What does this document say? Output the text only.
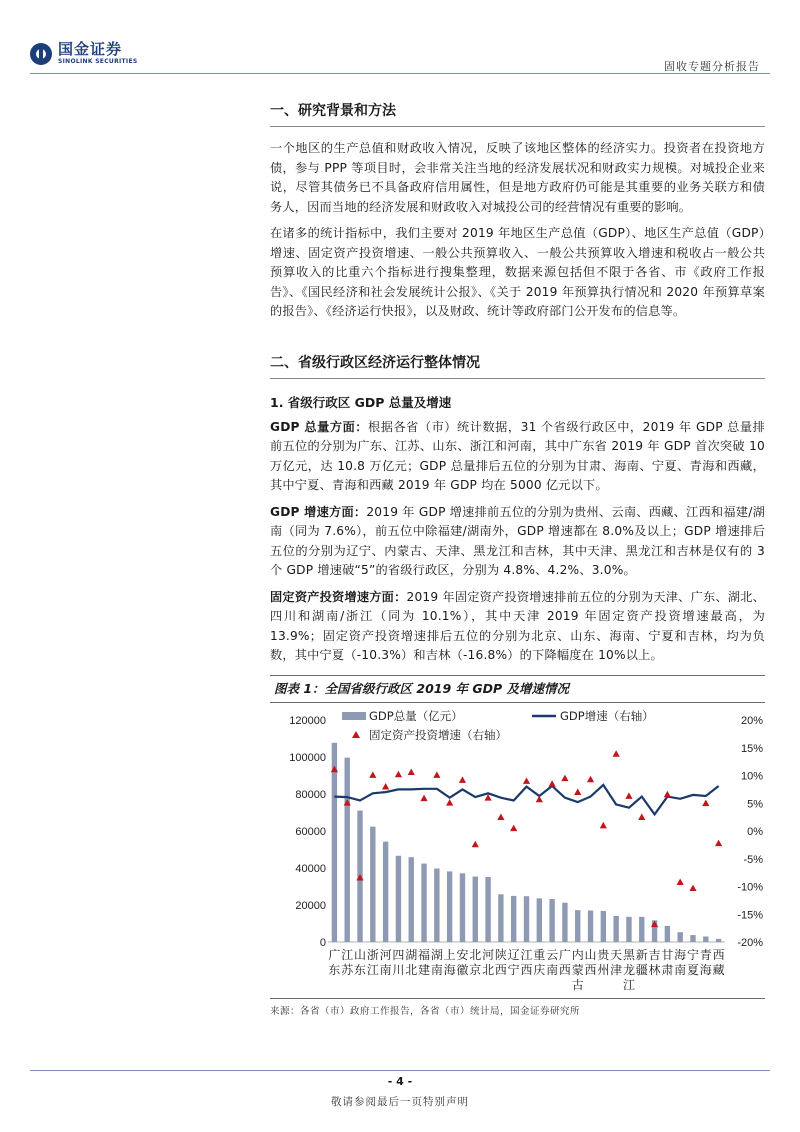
国金证券
SINOLINK SECURITIES	固收专题分析报告
一、研究背景和方法

一个地区的生产总值和财政收入情况，反映了该地区整体的经济实力。投资者在投资地方债，参与 PPP 等项目时，会非常关注当地的经济发展状况和财政实力规模。对城投企业来说，尽管其债务已不具备政府信用属性，但是地方政府仍可能是其重要的业务关联方和债务人，因而当地的经济发展和财政收入对城投公司的经营情况有重要的影响。

在诸多的统计指标中，我们主要对 2019 年地区生产总值（GDP）、地区生产总值（GDP）增速、固定资产投资增速、一般公共预算收入、一般公共预算收入增速和税收占一般公共预算收入的比重六个指标进行搜集整理，数据来源包括但不限于各省、市《政府工作报告》、《国民经济和社会发展统计公报》、《关于 2019 年预算执行情况和 2020 年预算草案的报告》、《经济运行快报》，以及财政、统计等政府部门公开发布的信息等。

二、省级行政区经济运行整体情况
1. 省级行政区 GDP 总量及增速

GDP 总量方面：根据各省（市）统计数据，31 个省级行政区中，2019 年 GDP 总量排前五位的分别为广东、江苏、山东、浙江和河南，其中广东省 2019 年 GDP 首次突破 10 万亿元，达 10.8 万亿元；GDP 总量排后五位的分别为甘肃、海南、宁夏、青海和西藏，其中宁夏、青海和西藏 2019 年 GDP 均在 5000 亿元以下。

GDP 增速方面：2019 年 GDP 增速排前五位的分别为贵州、云南、西藏、江西和福建/湖南（同为 7.6%），前五位中除福建/湖南外，GDP 增速都在 8.0%及以上；GDP 增速排后五位的分别为辽宁、内蒙古、天津、黑龙江和吉林，其中天津、黑龙江和吉林是仅有的 3 个 GDP 增速破“5”的省级行政区，分别为 4.8%、4.2%、3.0%。

固定资产投资增速方面：2019 年固定资产投资增速排前五位的分别为天津、广东、湖北、四川和湖南/浙江（同为 10.1%），其中天津 2019 年固定资产投资增速最高，为 13.9%；固定资产投资增速排后五位的分别为北京、山东、海南、宁夏和吉林，均为负数，其中宁夏（-10.3%）和吉林（-16.8%）的下降幅度在 10%以上。

图表 1：全国省级行政区 2019 年 GDP 及增速情况
0
20000
40000
60000
80000
100000
120000
-20%
-15%
-10%
-5%
0%
5%
10%
15%
20%
广东
江苏
山东
浙江
河南
四川
湖北
福建
湖南
上海
安徽
北京
河北
陕西
辽宁
江西
重庆
云南
广西
内蒙古
山西
贵州
天津
黑龙江
新疆
吉林
甘肃
海南
宁夏
青海
西藏
GDP总量（亿元）	GDP增速（右轴）
固定资产投资增速（右轴）
来源：各省（市）政府工作报告，各省（市）统计局，国金证券研究所
- 4 -
敬请参阅最后一页特别声明
